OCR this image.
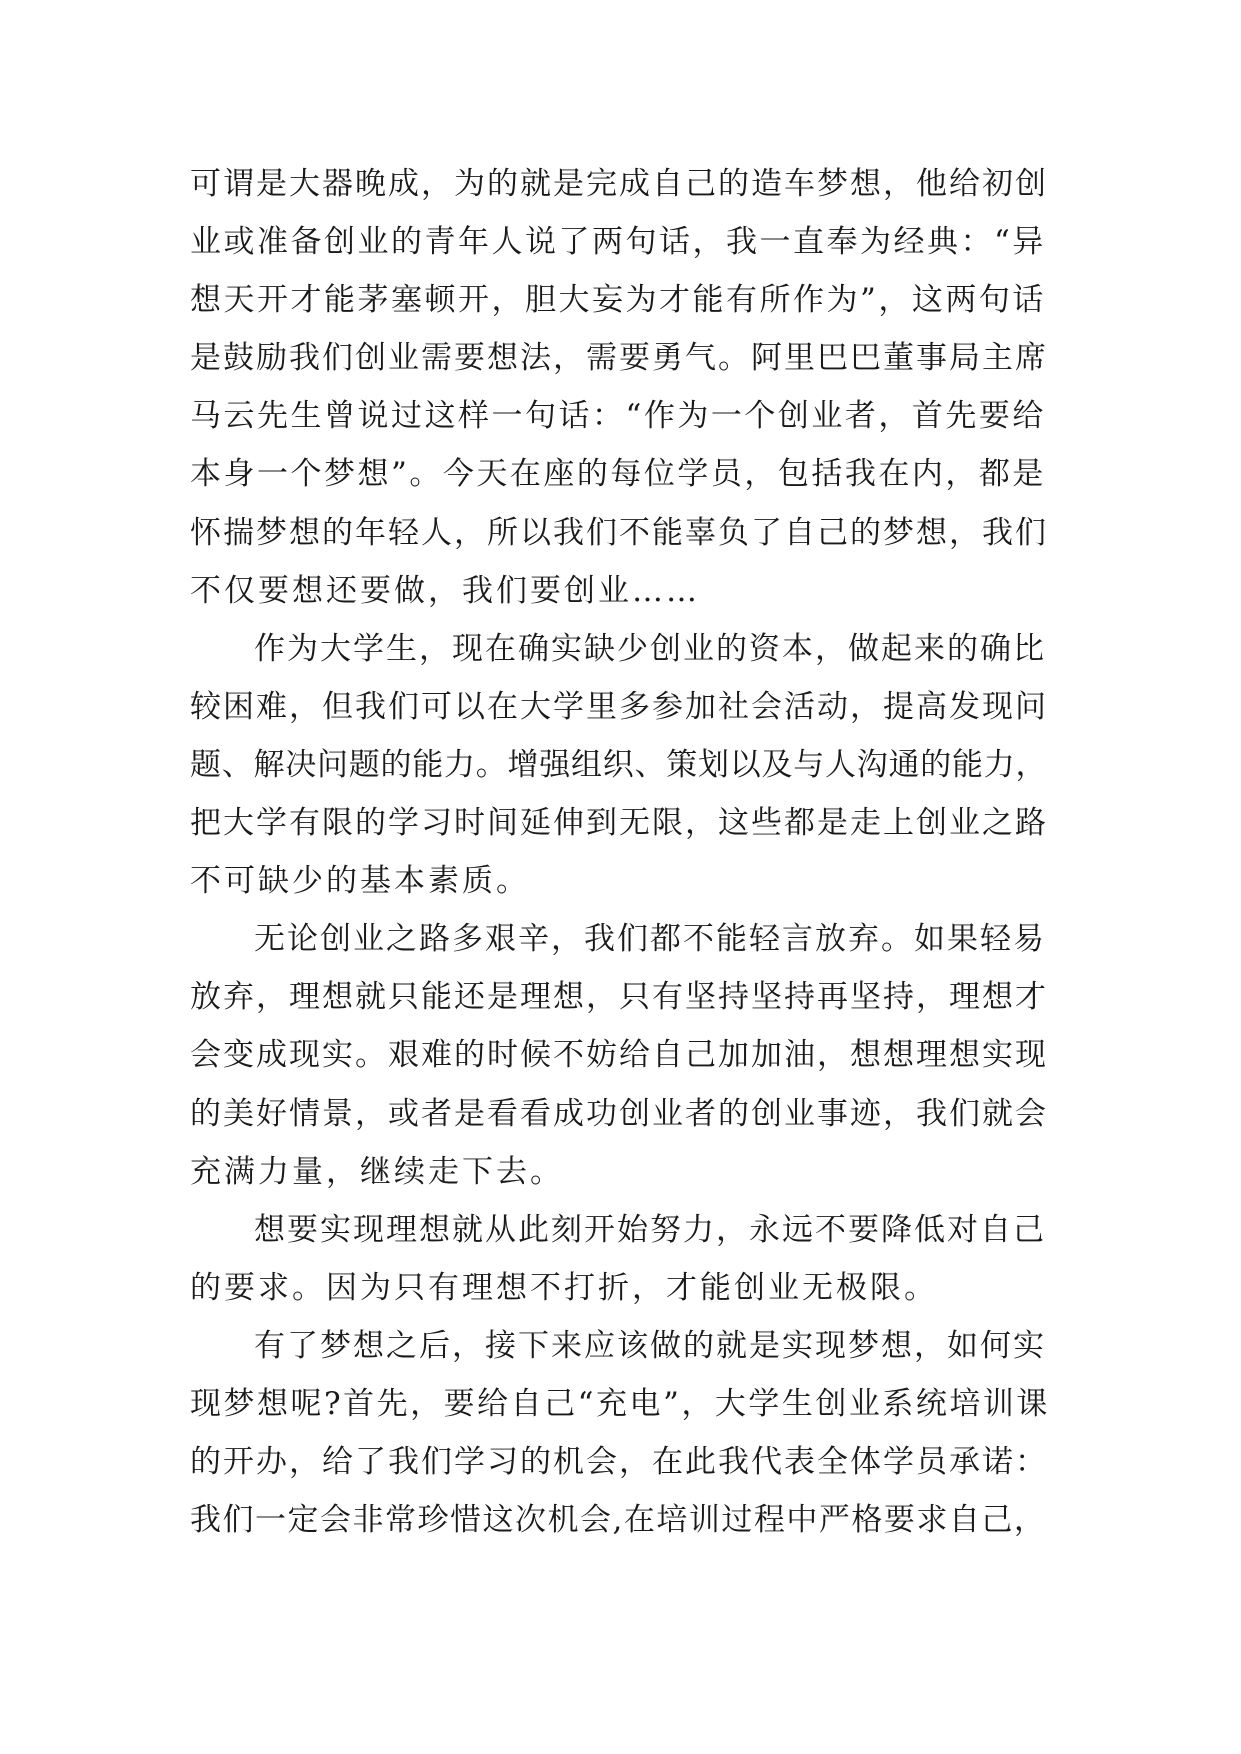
可谓是大器晚成，为的就是完成自己的造车梦想，他给初创
业或准备创业的青年人说了两句话，我一直奉为经典：“异
想天开才能茅塞顿开，胆大妄为才能有所作为”，这两句话
是鼓励我们创业需要想法，需要勇气。阿里巴巴董事局主席
马云先生曾说过这样一句话：“作为一个创业者，首先要给
本身一个梦想”。今天在座的每位学员，包括我在内，都是
怀揣梦想的年轻人，所以我们不能辜负了自己的梦想，我们
不仅要想还要做，我们要创业……
作为大学生，现在确实缺少创业的资本，做起来的确比
较困难，但我们可以在大学里多参加社会活动，提高发现问
题、解决问题的能力。增强组织、策划以及与人沟通的能力，
把大学有限的学习时间延伸到无限，这些都是走上创业之路
不可缺少的基本素质。
无论创业之路多艰辛，我们都不能轻言放弃。如果轻易
放弃，理想就只能还是理想，只有坚持坚持再坚持，理想才
会变成现实。艰难的时候不妨给自己加加油，想想理想实现
的美好情景，或者是看看成功创业者的创业事迹，我们就会
充满力量，继续走下去。
想要实现理想就从此刻开始努力，永远不要降低对自己
的要求。因为只有理想不打折，才能创业无极限。
有了梦想之后，接下来应该做的就是实现梦想，如何实
现梦想呢?首先，要给自己“充电”，大学生创业系统培训课
的开办，给了我们学习的机会，在此我代表全体学员承诺：
我们一定会非常珍惜这次机会,在培训过程中严格要求自己，
